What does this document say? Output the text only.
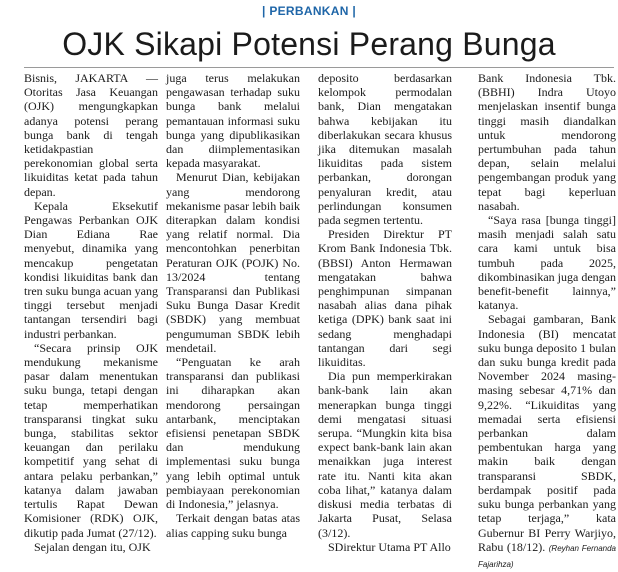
| PERBANKAN |
OJK Sikapi Potensi Perang Bunga

Bisnis, JAKARTA — Otoritas Jasa Keuangan (OJK) mengungkapkan adanya potensi perang bunga bank di tengah ketidakpastian perekonomian global serta likuiditas ketat pada tahun depan.

Kepala Eksekutif Pengawas Perbankan OJK Dian Ediana Rae menyebut, dinamika yang mencakup pengetatan kondisi likuiditas bank dan tren suku bunga acuan yang tinggi tersebut menjadi tantangan tersendiri bagi industri perbankan.

“Secara prinsip OJK mendukung mekanisme pasar dalam menentukan suku bunga, tetapi dengan tetap memperhatikan transparansi tingkat suku bunga, stabilitas sektor keuangan dan perilaku kompetitif yang sehat di antara pelaku perbankan,” katanya dalam jawaban tertulis Rapat Dewan Komisioner (RDK) OJK, dikutip pada Jumat (27/12).

Sejalan dengan itu, OJK

juga terus melakukan pengawasan terhadap suku bunga bank melalui pemantauan informasi suku bunga yang dipublikasikan dan diimplementasikan kepada masyarakat.

Menurut Dian, kebijakan yang mendorong mekanisme pasar lebih baik diterapkan dalam kondisi yang relatif normal. Dia mencontohkan penerbitan Peraturan OJK (POJK) No. 13/2024 tentang Transparansi dan Publikasi Suku Bunga Dasar Kredit (SBDK) yang membuat pengumuman SBDK lebih mendetail.

“Penguatan ke arah transparansi dan publikasi ini diharapkan akan mendorong persaingan antarbank, menciptakan efisiensi penetapan SBDK dan mendukung implementasi suku bunga yang lebih optimal untuk pembiayaan perekonomian di Indonesia,” jelasnya.

Terkait dengan batas atas alias capping suku bunga

deposito berdasarkan kelompok permodalan bank, Dian mengatakan bahwa kebijakan itu diberlakukan secara khusus jika ditemukan masalah likuiditas pada sistem perbankan, dorongan penyaluran kredit, atau perlindungan konsumen pada segmen tertentu.

Presiden Direktur PT Krom Bank Indonesia Tbk. (BBSI) Anton Hermawan mengatakan bahwa penghimpunan simpanan nasabah alias dana pihak ketiga (DPK) bank saat ini sedang menghadapi tantangan dari segi likuiditas.

Dia pun memperkirakan bank-bank lain akan menerapkan bunga tinggi demi mengatasi situasi serupa. “Mungkin kita bisa expect bank-bank lain akan menaikkan juga interest rate itu. Nanti kita akan coba lihat,” katanya dalam diskusi media terbatas di Jakarta Pusat, Selasa (3/12).

SDirektur Utama PT Allo

Bank Indonesia Tbk. (BBHI) Indra Utoyo menjelaskan insentif bunga tinggi masih diandalkan untuk mendorong pertumbuhan pada tahun depan, selain melalui pengembangan produk yang tepat bagi keperluan nasabah.

“Saya rasa [bunga tinggi] masih menjadi salah satu cara kami untuk bisa tumbuh pada 2025, dikombinasikan juga dengan benefit-benefit lainnya,” katanya.

Sebagai gambaran, Bank Indonesia (BI) mencatat suku bunga deposito 1 bulan dan suku bunga kredit pada November 2024 masing-masing sebesar 4,71% dan 9,22%. “Likuiditas yang memadai serta efisiensi perbankan dalam pembentukan harga yang makin baik dengan transparansi SBDK, berdampak positif pada suku bunga perbankan yang tetap terjaga,” kata Gubernur BI Perry Warjiyo, Rabu (18/12). (Reyhan Fernanda Fajarihza)
